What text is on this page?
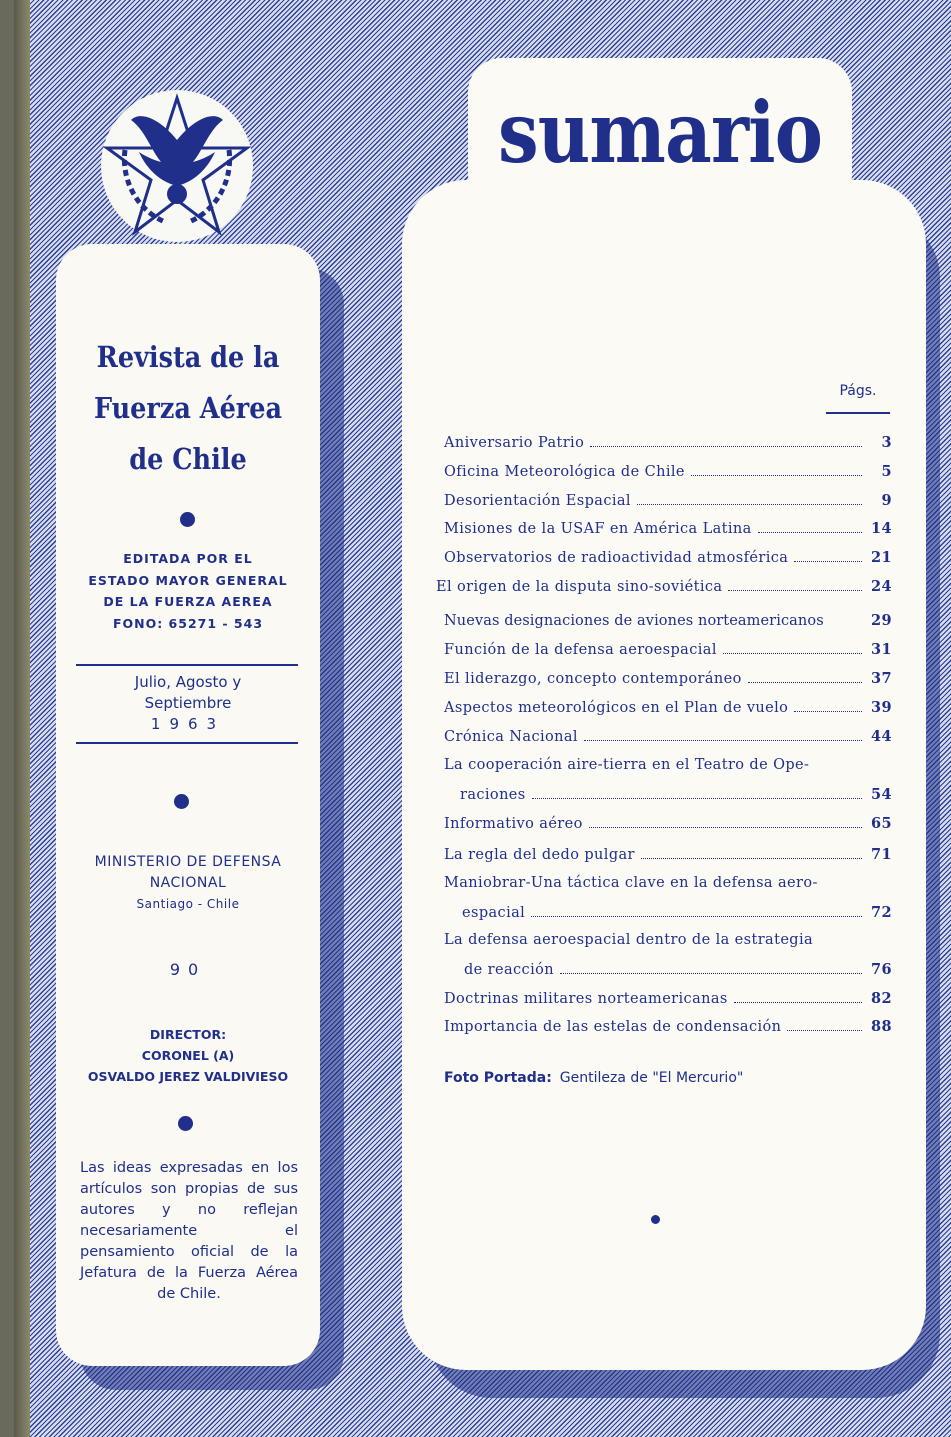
Revista de la
Fuerza Aérea
de Chile
EDITADA POR EL
ESTADO MAYOR GENERAL
DE LA FUERZA AEREA
FONO: 65271 - 543
Julio, Agosto y
Septiembre
1963
MINISTERIO DE DEFENSA
NACIONAL
Santiago - Chile
90
DIRECTOR:
CORONEL (A)
OSVALDO JEREZ VALDIVIESO
Las ideas expresadas en los artículos son propias de sus autores y no reflejan necesariamente el pensamiento oficial de la Jefatura de la Fuerza Aérea de Chile.
sumario
Págs.
Aniversario Patrio	3
Oficina Meteorológica de Chile	5
Desorientación Espacial	9
Misiones de la USAF en América Latina	14
Observatorios de radioactividad atmosférica	21
El origen de la disputa sino-soviética	24
Nuevas designaciones de aviones norteamericanos	29
Función de la defensa aeroespacial	31
El liderazgo, concepto contemporáneo	37
Aspectos meteorológicos en el Plan de vuelo	39
Crónica Nacional	44
La cooperación aire-tierra en el Teatro de Ope-
raciones	54
Informativo aéreo	65
La regla del dedo pulgar	71
Maniobrar-Una táctica clave en la defensa aero-
espacial	72
La defensa aeroespacial dentro de la estrategia
de reacción	76
Doctrinas militares norteamericanas	82
Importancia de las estelas de condensación	88
Foto Portada: Gentileza de "El Mercurio"
